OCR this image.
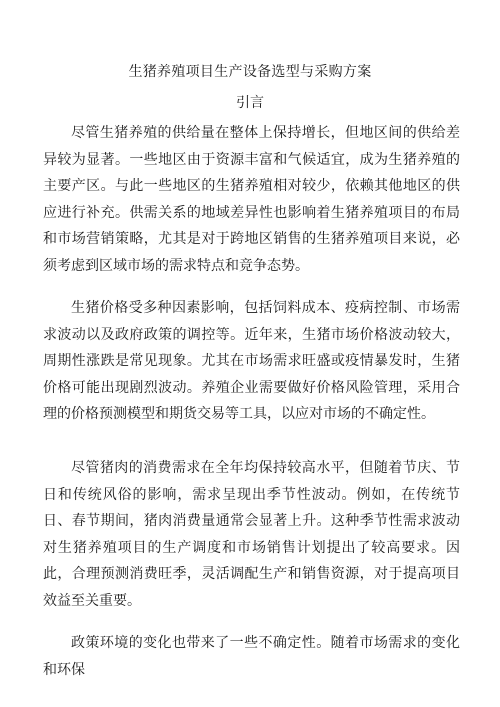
生猪养殖项目生产设备选型与采购方案
引言

尽管生猪养殖的供给量在整体上保持增长，但地区间的供给差异较为显著。一些地区由于资源丰富和气候适宜，成为生猪养殖的主要产区。与此一些地区的生猪养殖相对较少，依赖其他地区的供应进行补充。供需关系的地域差异性也影响着生猪养殖项目的布局和市场营销策略，尤其是对于跨地区销售的生猪养殖项目来说，必须考虑到区域市场的需求特点和竞争态势。

生猪价格受多种因素影响，包括饲料成本、疫病控制、市场需求波动以及政府政策的调控等。近年来，生猪市场价格波动较大，周期性涨跌是常见现象。尤其在市场需求旺盛或疫情暴发时，生猪价格可能出现剧烈波动。养殖企业需要做好价格风险管理，采用合理的价格预测模型和期货交易等工具，以应对市场的不确定性。

尽管猪肉的消费需求在全年均保持较高水平，但随着节庆、节日和传统风俗的影响，需求呈现出季节性波动。例如，在传统节日、春节期间，猪肉消费量通常会显著上升。这种季节性需求波动对生猪养殖项目的生产调度和市场销售计划提出了较高要求。因此，合理预测消费旺季，灵活调配生产和销售资源，对于提高项目效益至关重要。

政策环境的变化也带来了一些不确定性。随着市场需求的变化和环保
